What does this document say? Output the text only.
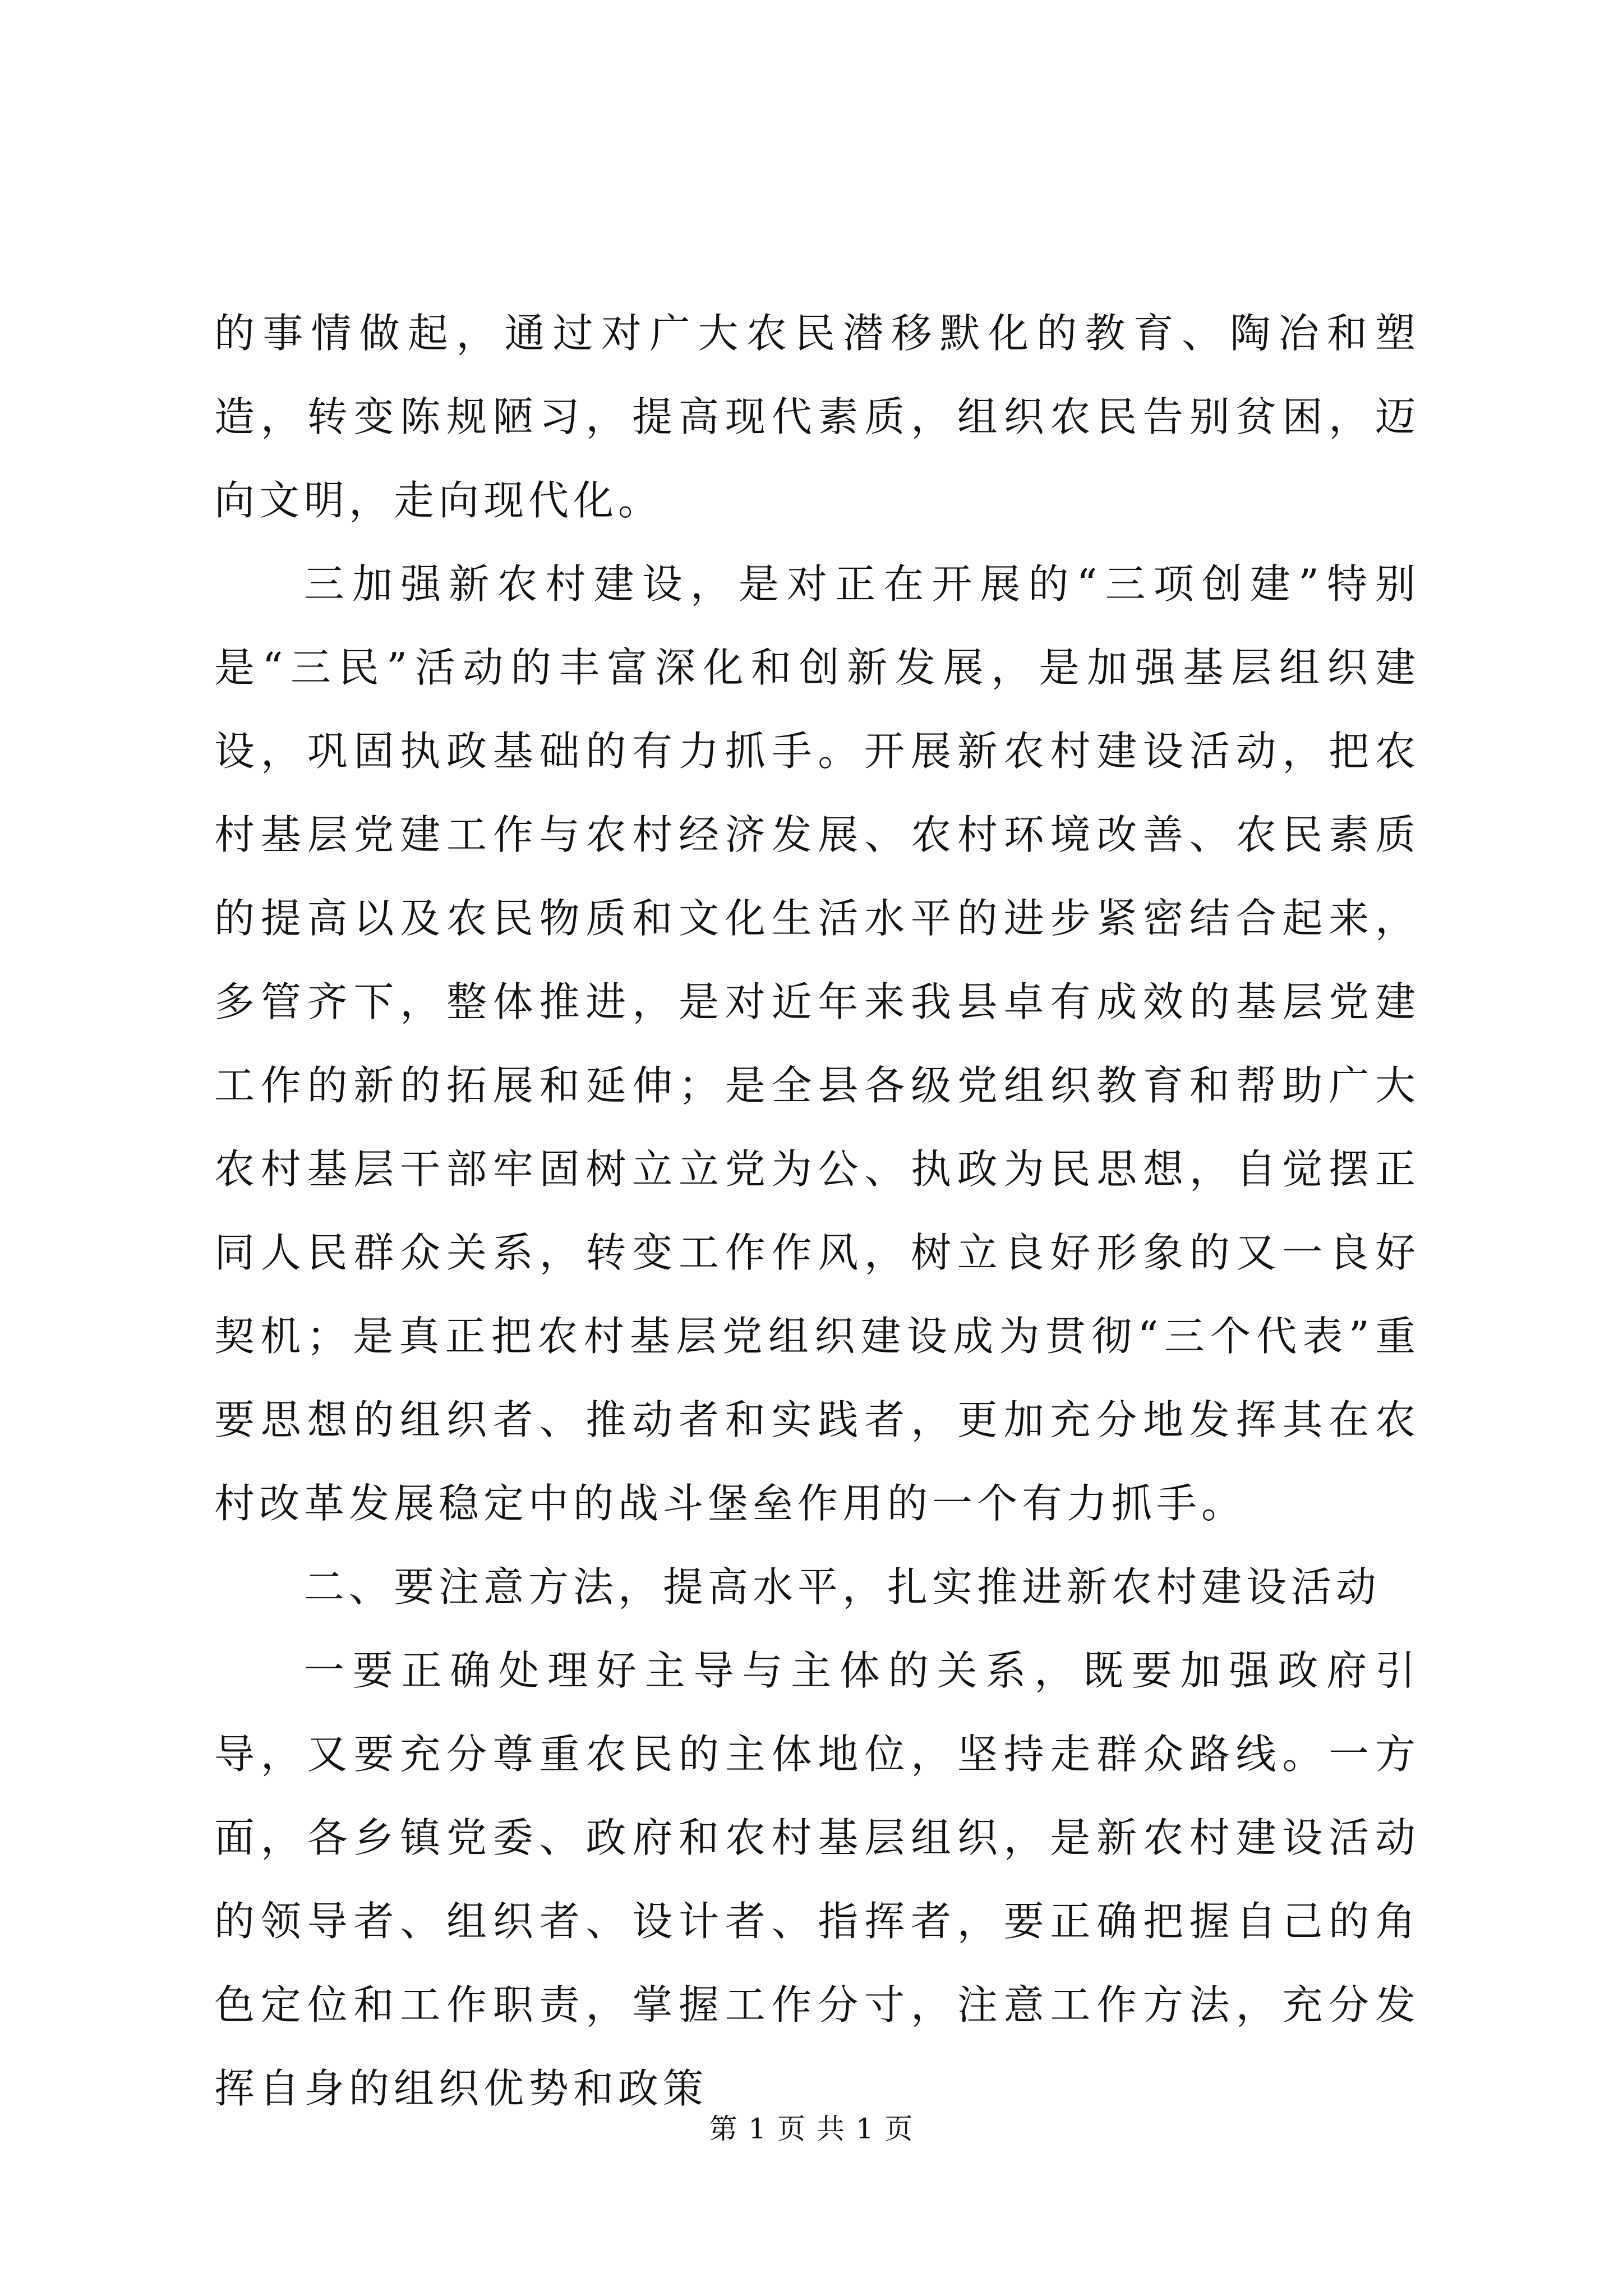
的事情做起，通过对广大农民潜移默化的教育、陶冶和塑造，转变陈规陋习，提高现代素质，组织农民告别贫困，迈向文明，走向现代化。

三加强新农村建设，是对正在开展的“三项创建”特别是“三民”活动的丰富深化和创新发展，是加强基层组织建设，巩固执政基础的有力抓手。开展新农村建设活动，把农村基层党建工作与农村经济发展、农村环境改善、农民素质的提高以及农民物质和文化生活水平的进步紧密结合起来，多管齐下，整体推进，是对近年来我县卓有成效的基层党建工作的新的拓展和延伸；是全县各级党组织教育和帮助广大农村基层干部牢固树立立党为公、执政为民思想，自觉摆正同人民群众关系，转变工作作风，树立良好形象的又一良好契机；是真正把农村基层党组织建设成为贯彻“三个代表”重要思想的组织者、推动者和实践者，更加充分地发挥其在农村改革发展稳定中的战斗堡垒作用的一个有力抓手。

二、要注意方法，提高水平，扎实推进新农村建设活动

一要正确处理好主导与主体的关系，既要加强政府引导，又要充分尊重农民的主体地位，坚持走群众路线。一方面，各乡镇党委、政府和农村基层组织，是新农村建设活动的领导者、组织者、设计者、指挥者，要正确把握自己的角色定位和工作职责，掌握工作分寸，注意工作方法，充分发挥自身的组织优势和政策

第 1 页 共 1 页
